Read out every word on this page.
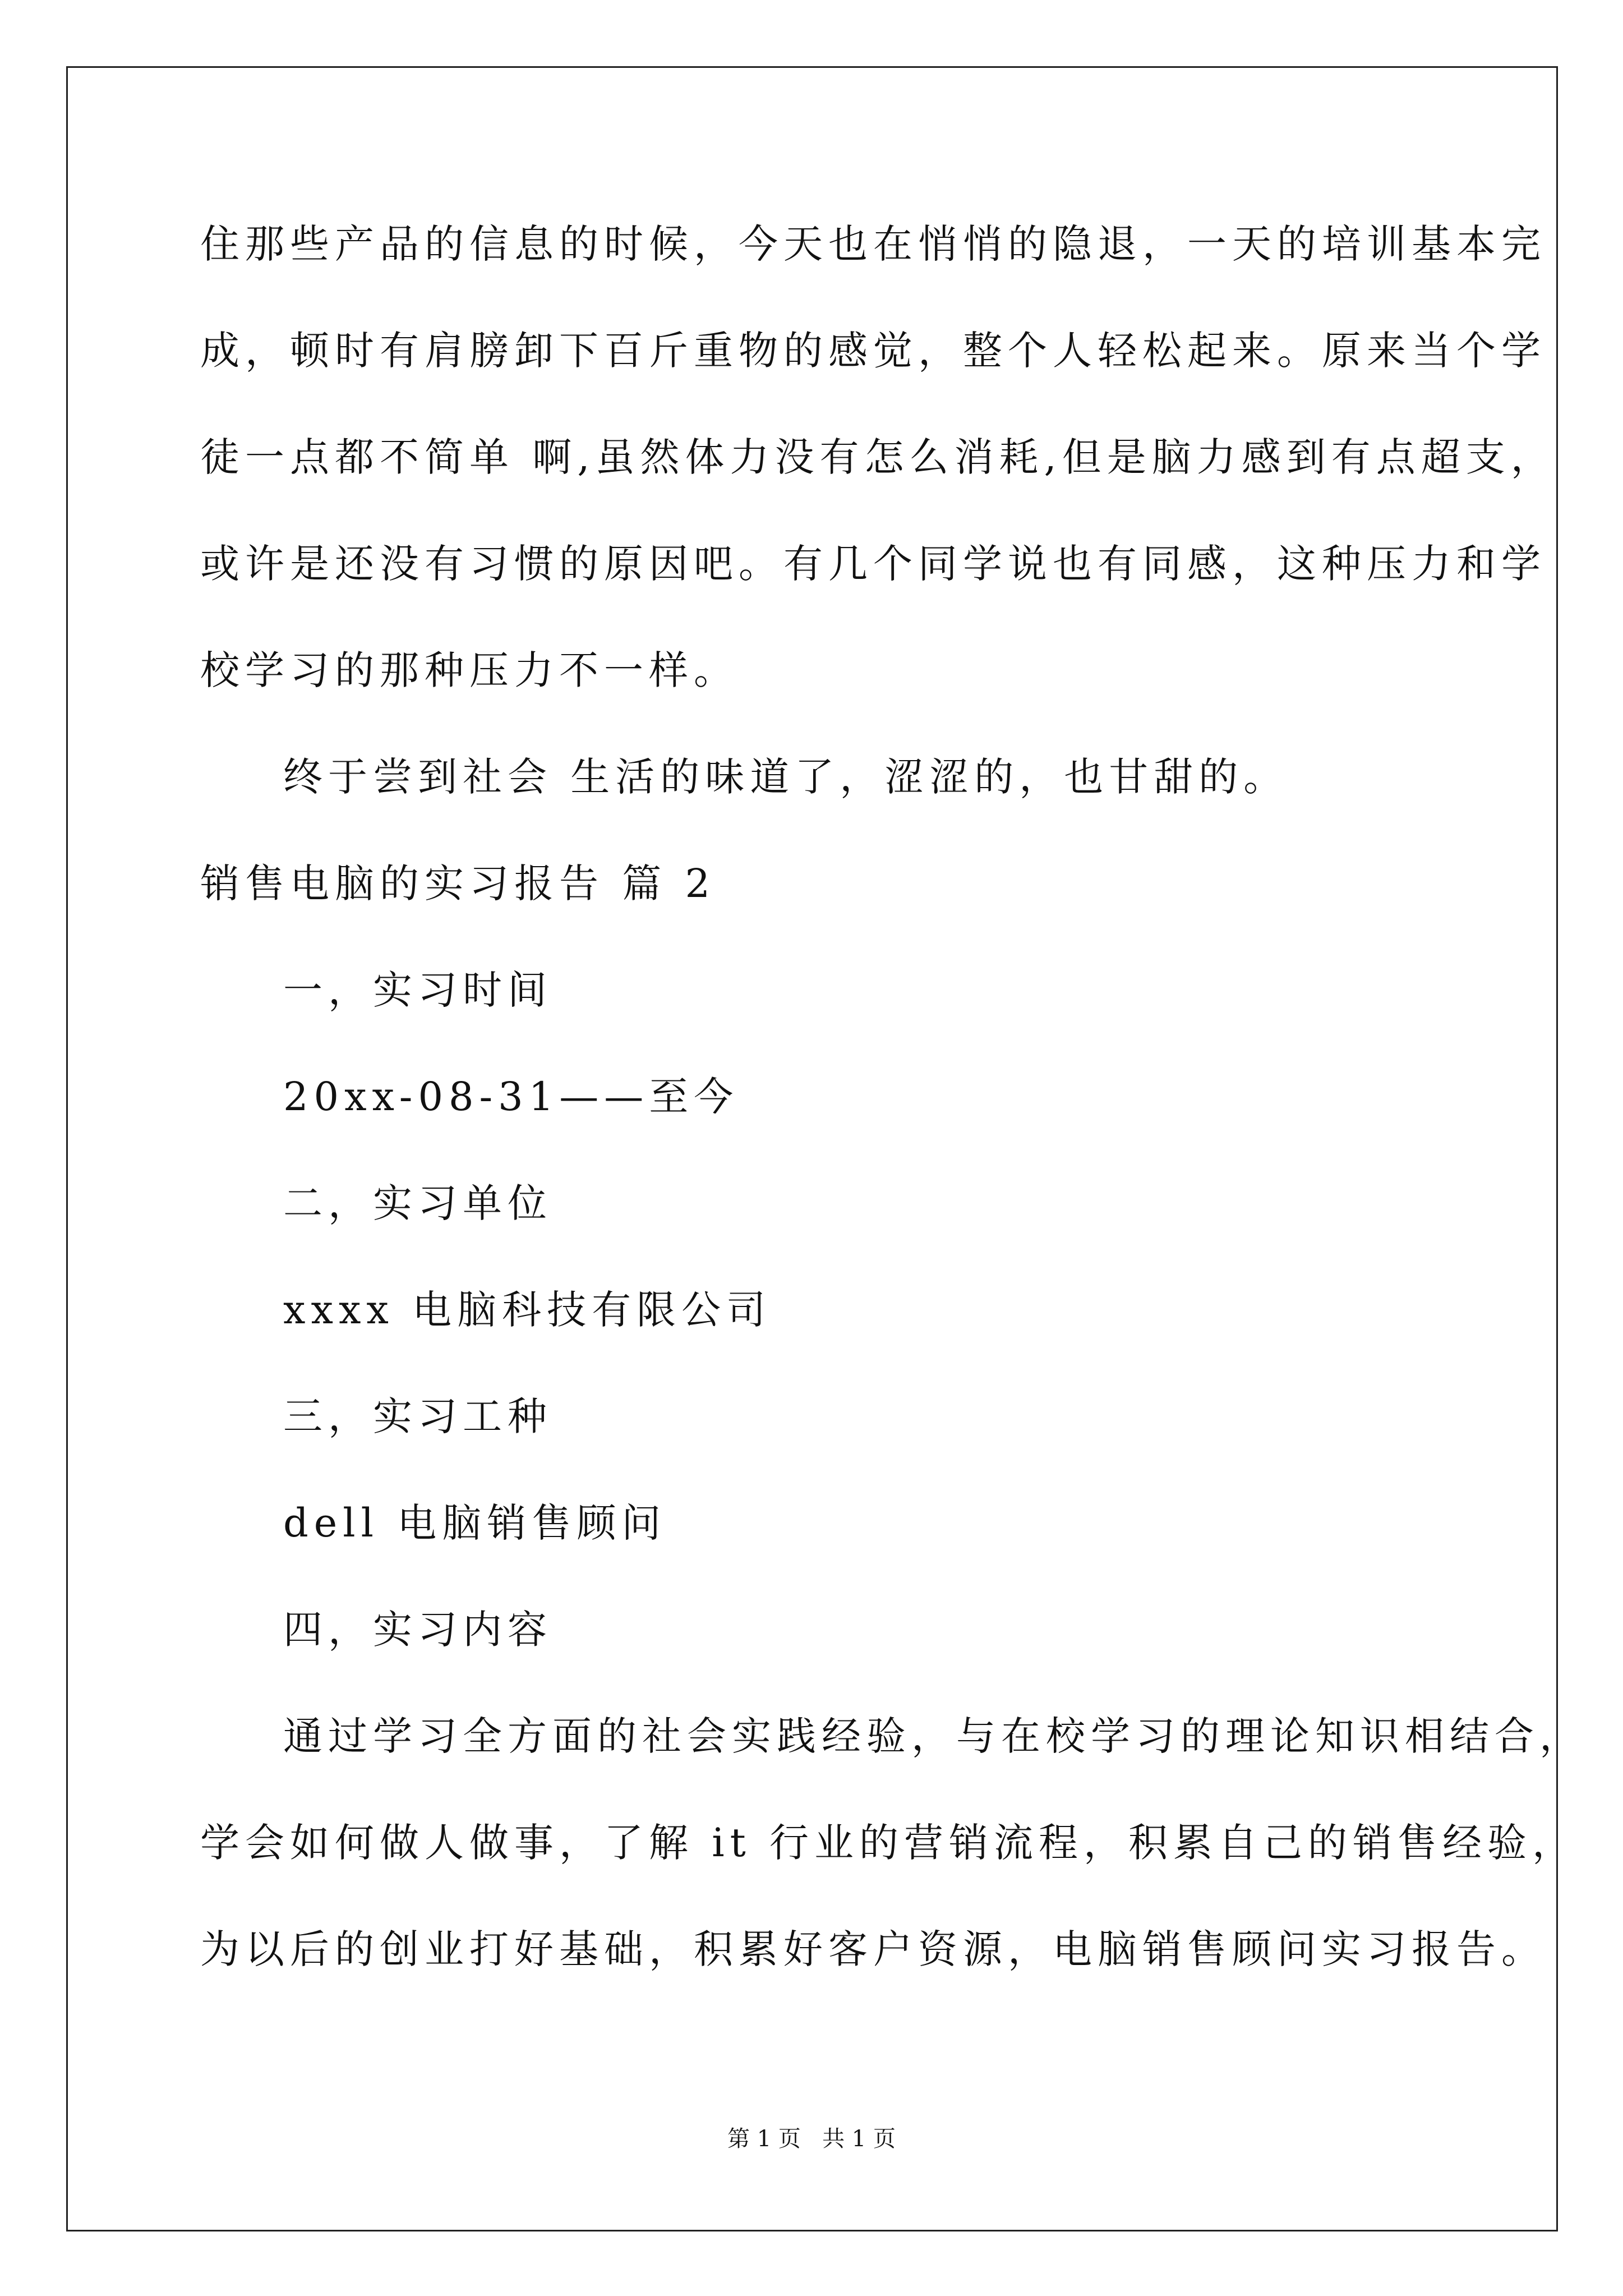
住那些产品的信息的时候，今天也在悄悄的隐退，一天的培训基本完
成，顿时有肩膀卸下百斤重物的感觉，整个人轻松起来。原来当个学
徒一点都不简单 啊,虽然体力没有怎么消耗,但是脑力感到有点超支，
或许是还没有习惯的原因吧。有几个同学说也有同感，这种压力和学
校学习的那种压力不一样。
终于尝到社会 生活的味道了，涩涩的，也甘甜的。
销售电脑的实习报告 篇 2
一，实习时间
20xx-08-31——至今
二，实习单位
xxxx 电脑科技有限公司
三，实习工种
dell 电脑销售顾问
四，实习内容
通过学习全方面的社会实践经验，与在校学习的理论知识相结合，
学会如何做人做事，了解 it 行业的营销流程，积累自己的销售经验，
为以后的创业打好基础，积累好客户资源，电脑销售顾问实习报告。
第 1 页   共 1 页
